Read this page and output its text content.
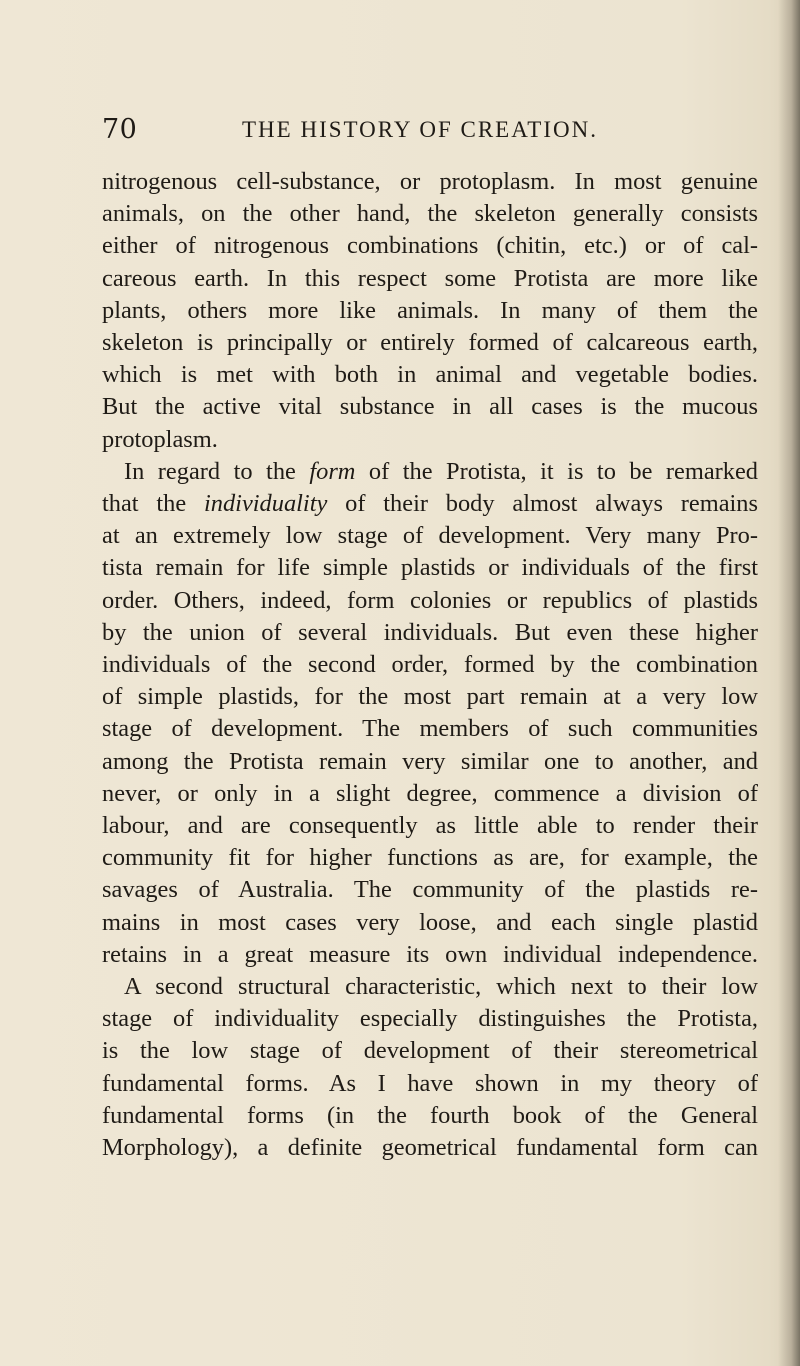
70	THE HISTORY OF CREATION.

nitrogenous cell-substance, or protoplasm. In most genuine
animals, on the other hand, the skeleton generally consists
either of nitrogenous combinations (chitin, etc.) or of cal-
careous earth. In this respect some Protista are more like
plants, others more like animals. In many of them the
skeleton is principally or entirely formed of calcareous earth,
which is met with both in animal and vegetable bodies.
But the active vital substance in all cases is the mucous
protoplasm.

In regard to the form of the Protista, it is to be remarked
that the individuality of their body almost always remains
at an extremely low stage of development. Very many Pro-
tista remain for life simple plastids or individuals of the first
order. Others, indeed, form colonies or republics of plastids
by the union of several individuals. But even these higher
individuals of the second order, formed by the combination
of simple plastids, for the most part remain at a very low
stage of development. The members of such communities
among the Protista remain very similar one to another, and
never, or only in a slight degree, commence a division of
labour, and are consequently as little able to render their
community fit for higher functions as are, for example, the
savages of Australia. The community of the plastids re-
mains in most cases very loose, and each single plastid
retains in a great measure its own individual independence.

A second structural characteristic, which next to their low
stage of individuality especially distinguishes the Protista,
is the low stage of development of their stereometrical
fundamental forms. As I have shown in my theory of
fundamental forms (in the fourth book of the General
Morphology), a definite geometrical fundamental form can
